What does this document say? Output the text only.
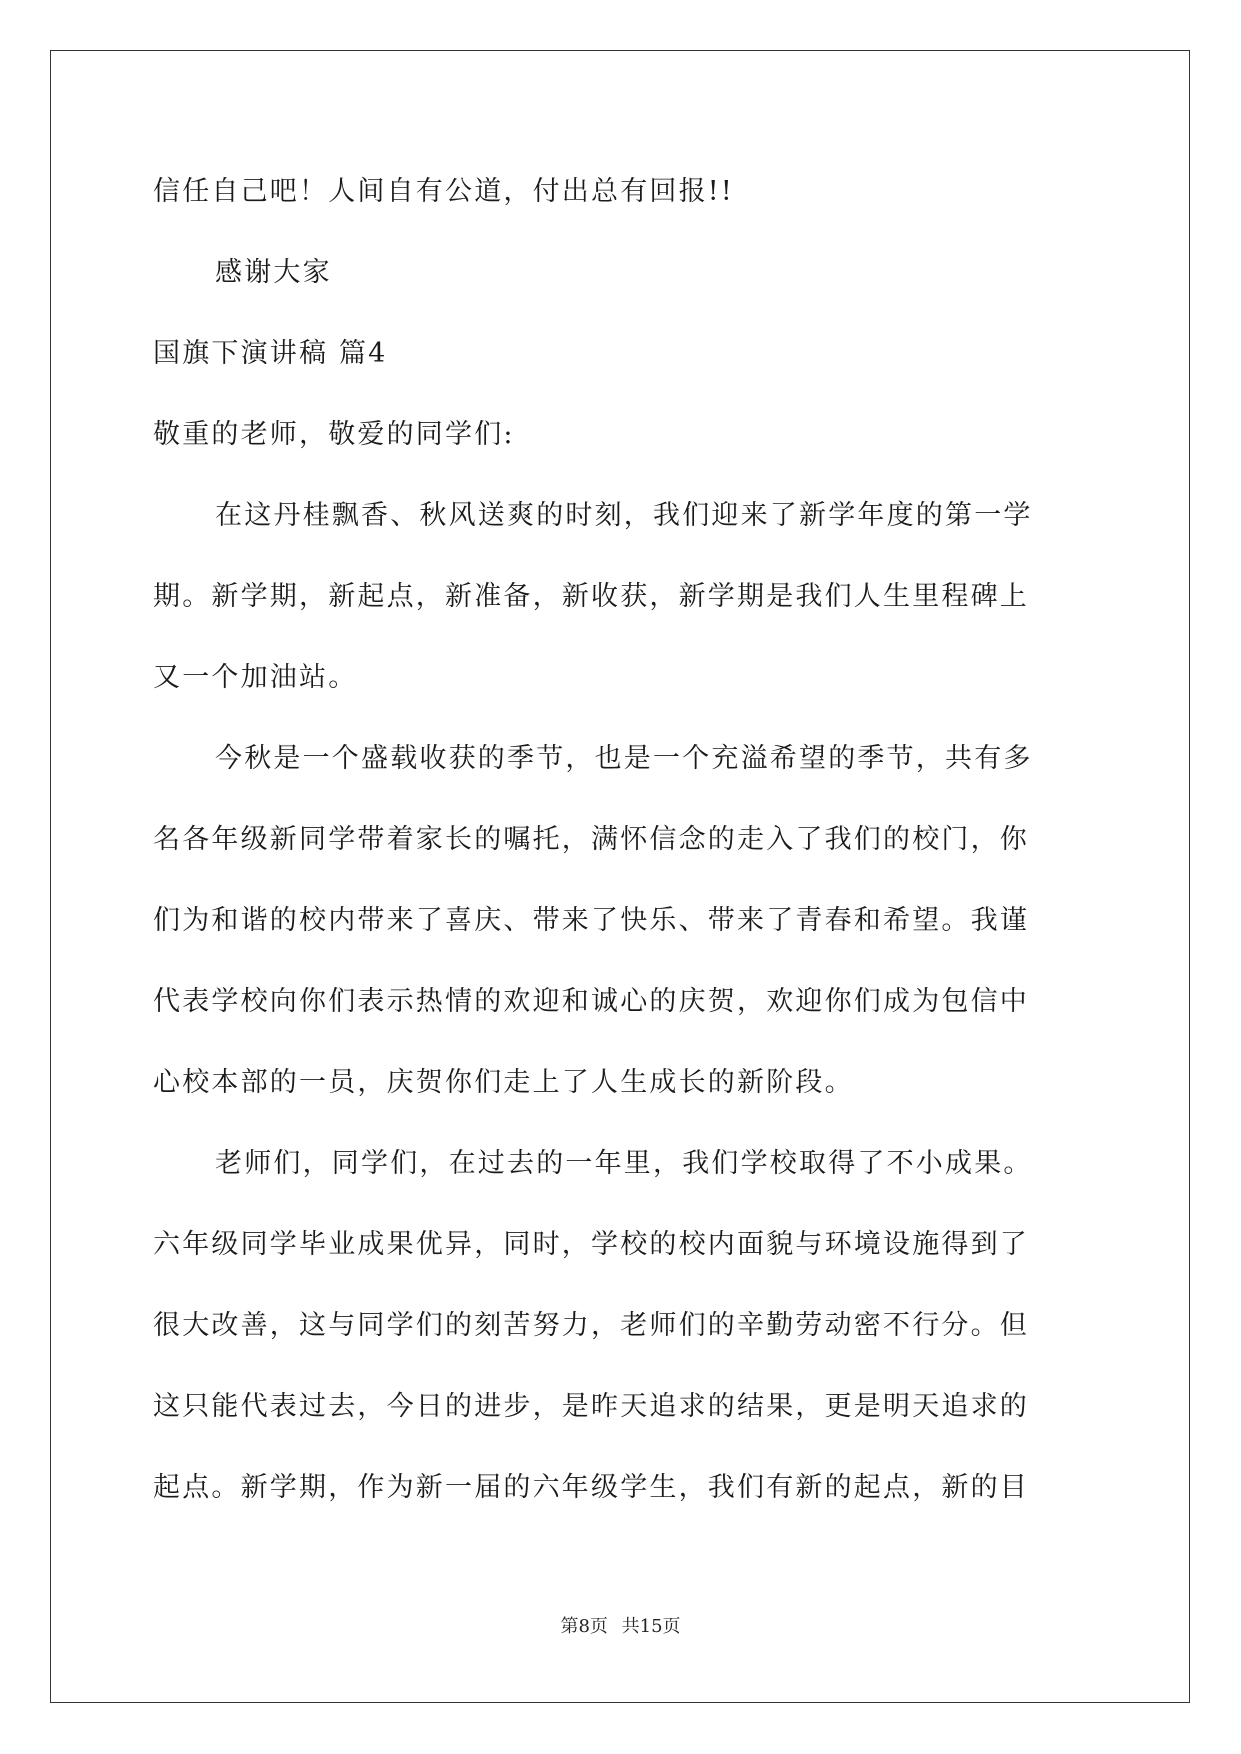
信任自己吧！人间自有公道，付出总有回报!!
感谢大家
国旗下演讲稿 篇4
敬重的老师，敬爱的同学们:
在这丹桂飘香、秋风送爽的时刻，我们迎来了新学年度的第一学
期。新学期，新起点，新准备，新收获，新学期是我们人生里程碑上
又一个加油站。
今秋是一个盛载收获的季节，也是一个充溢希望的季节，共有多
名各年级新同学带着家长的嘱托，满怀信念的走入了我们的校门，你
们为和谐的校内带来了喜庆、带来了快乐、带来了青春和希望。我谨
代表学校向你们表示热情的欢迎和诚心的庆贺，欢迎你们成为包信中
心校本部的一员，庆贺你们走上了人生成长的新阶段。
老师们，同学们，在过去的一年里，我们学校取得了不小成果。
六年级同学毕业成果优异，同时，学校的校内面貌与环境设施得到了
很大改善，这与同学们的刻苦努力，老师们的辛勤劳动密不行分。但
这只能代表过去，今日的进步，是昨天追求的结果，更是明天追求的
起点。新学期，作为新一届的六年级学生，我们有新的起点，新的目
第8页 共15页
